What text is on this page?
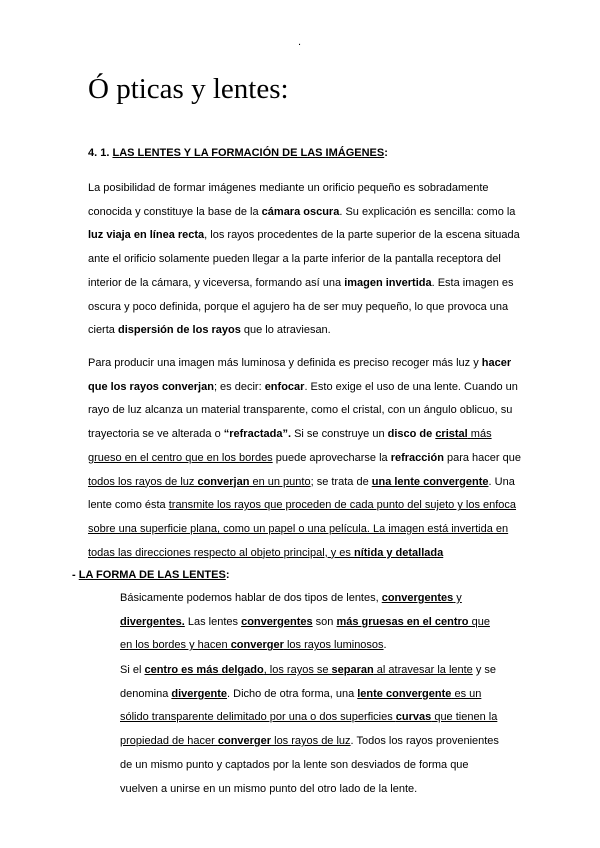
.
Ó pticas y lentes:

4. 1. LAS LENTES Y LA FORMACIÓN DE LAS IMÁGENES:

La posibilidad de formar imágenes mediante un orificio pequeño es sobradamente conocida y constituye la base de la cámara oscura. Su explicación es sencilla: como la luz viaja en línea recta, los rayos procedentes de la parte superior de la escena situada ante el orificio solamente pueden llegar a la parte inferior de la pantalla receptora del interior de la cámara, y viceversa, formando así una imagen invertida. Esta imagen es oscura y poco definida, porque el agujero ha de ser muy pequeño, lo que provoca una cierta dispersión de los rayos que lo atraviesan.

Para producir una imagen más luminosa y definida es preciso recoger más luz y hacer que los rayos converjan; es decir: enfocar. Esto exige el uso de una lente. Cuando un rayo de luz alcanza un material transparente, como el cristal, con un ángulo oblicuo, su trayectoria se ve alterada o “refractada”. Si se construye un disco de cristal más grueso en el centro que en los bordes puede aprovecharse la refracción para hacer que todos los rayos de luz converjan en un punto; se trata de una lente convergente. Una lente como ésta transmite los rayos que proceden de cada punto del sujeto y los enfoca sobre una superficie plana, como un papel o una película. La imagen está invertida en todas las direcciones respecto al objeto principal, y es nítida y detallada

- LA FORMA DE LAS LENTES:

Básicamente podemos hablar de dos tipos de lentes, convergentes y divergentes. Las lentes convergentes son más gruesas en el centro que en los bordes y hacen converger los rayos luminosos.

Si el centro es más delgado, los rayos se separan al atravesar la lente y se denomina divergente. Dicho de otra forma, una lente convergente es un sólido transparente delimitado por una o dos superficies curvas que tienen la propiedad de hacer converger los rayos de luz. Todos los rayos provenientes de un mismo punto y captados por la lente son desviados de forma que vuelven a unirse en un mismo punto del otro lado de la lente.
